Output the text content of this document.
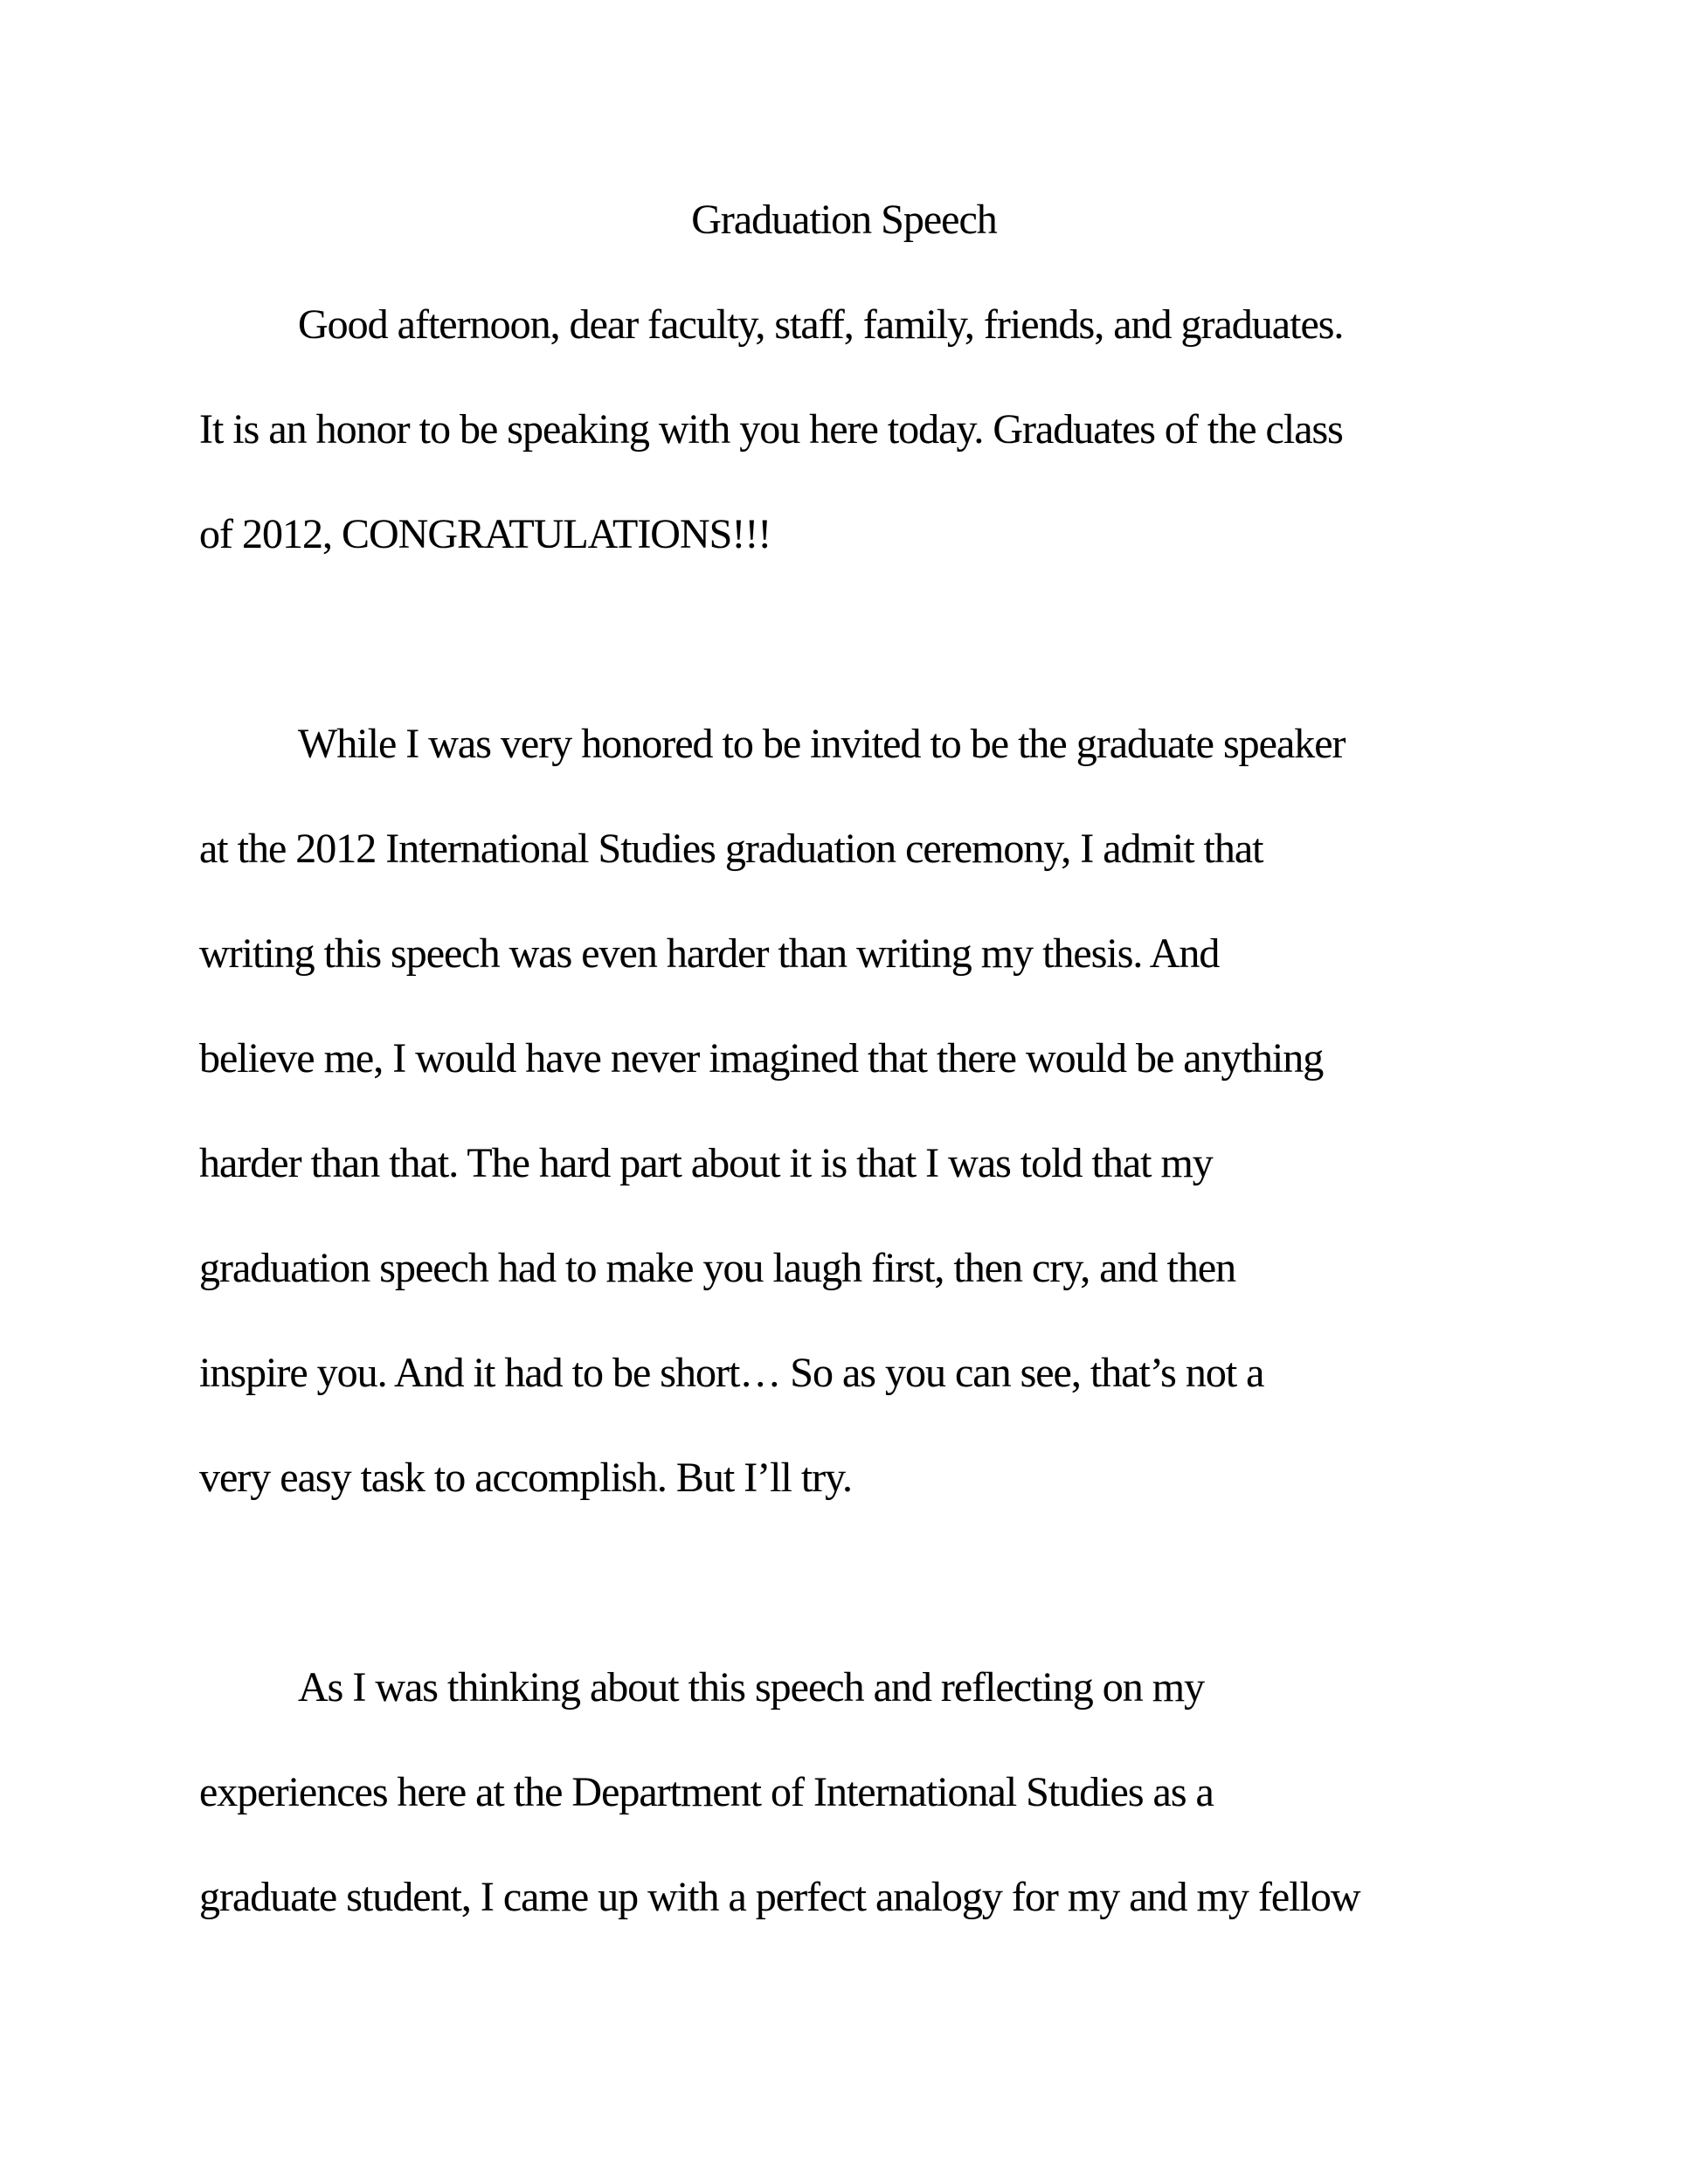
Graduation Speech
Good afternoon, dear faculty, staff, family, friends, and graduates.
It is an honor to be speaking with you here today. Graduates of the class
of 2012, CONGRATULATIONS!!!
While I was very honored to be invited to be the graduate speaker
at the 2012 International Studies graduation ceremony, I admit that
writing this speech was even harder than writing my thesis. And
believe me, I would have never imagined that there would be anything
harder than that. The hard part about it is that I was told that my
graduation speech had to make you laugh first, then cry, and then
inspire you. And it had to be short… So as you can see, that’s not a
very easy task to accomplish. But I’ll try.
As I was thinking about this speech and reflecting on my
experiences here at the Department of International Studies as a
graduate student, I came up with a perfect analogy for my and my fellow
